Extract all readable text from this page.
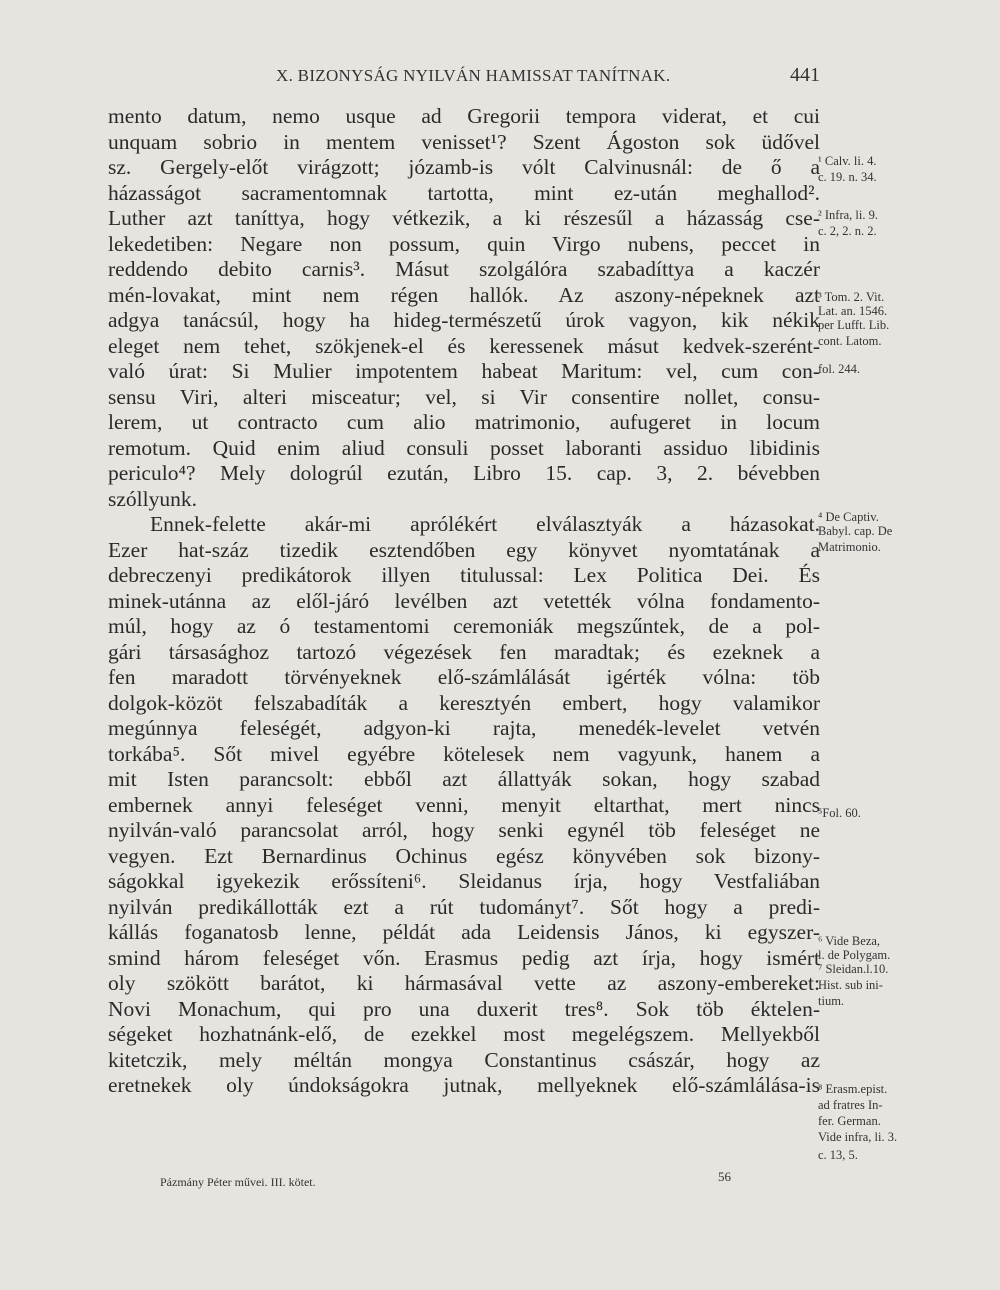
X. BIZONYSÁG NYILVÁN HAMISSAT TANÍTNAK.	441
mento datum, nemo usque ad Gregorii tempora viderat, et cui
unquam sobrio in mentem venisset¹? Szent Ágoston sok üdővel
sz. Gergely-előt virágzott; józamb-is vólt Calvinusnál: de ő a
házasságot sacramentomnak tartotta, mint ez-után meghallod².
Luther azt taníttya, hogy vétkezik, a ki részesűl a házasság cse-
lekedetiben: Negare non possum, quin Virgo nubens, peccet in
reddendo debito carnis³. Másut szolgálóra szabadíttya a kaczér
mén-lovakat, mint nem régen hallók. Az aszony-népeknek azt
adgya tanácsúl, hogy ha hideg-természetű úrok vagyon, kik nékik
eleget nem tehet, szökjenek-el és keressenek másut kedvek-szerént-
való úrat: Si Mulier impotentem habeat Maritum: vel, cum con-
sensu Viri, alteri misceatur; vel, si Vir consentire nollet, consu-
lerem, ut contracto cum alio matrimonio, aufugeret in locum
remotum. Quid enim aliud consuli posset laboranti assiduo libidinis
periculo⁴? Mely dologrúl ezután, Libro 15. cap. 3, 2. bévebben
szóllyunk.
Ennek-felette akár-mi aprólékért elválasztyák a házasokat.
Ezer hat-száz tizedik esztendőben egy könyvet nyomtatának a
debreczenyi predikátorok illyen titulussal: Lex Politica Dei. És
minek-utánna az elől-járó levélben azt vetették vólna fondamento-
múl, hogy az ó testamentomi ceremoniák megszűntek, de a pol-
gári társasághoz tartozó végezések fen maradtak; és ezeknek a
fen maradott törvényeknek elő-számlálását igérték vólna: töb
dolgok-közöt felszabadíták a keresztyén embert, hogy valamikor
megúnnya feleségét, adgyon-ki rajta, menedék-levelet vetvén
torkába⁵. Sőt mivel egyébre kötelesek nem vagyunk, hanem a
mit Isten parancsolt: ebből azt állattyák sokan, hogy szabad
embernek annyi feleséget venni, menyit eltarthat, mert nincs
nyilván-való parancsolat arról, hogy senki egynél töb feleséget ne
vegyen. Ezt Bernardinus Ochinus egész könyvében sok bizony-
ságokkal igyekezik erőssíteni⁶. Sleidanus írja, hogy Vestfaliában
nyilván predikállották ezt a rút tudományt⁷. Sőt hogy a predi-
kállás foganatosb lenne, példát ada Leidensis János, ki egyszer-
smind három feleséget vőn. Erasmus pedig azt írja, hogy ismért
oly szökött barátot, ki hármasával vette az aszony-embereket:
Novi Monachum, qui pro una duxerit tres⁸. Sok töb éktelen-
ségeket hozhatnánk-elő, de ezekkel most megelégszem. Mellyekből
kitetczik, mely méltán mongya Constantinus császár, hogy az
eretnekek oly úndokságokra jutnak, mellyeknek elő-számlálása-is
¹ Calv. li. 4.
c. 19. n. 34.
² Infra, li. 9.
c. 2, 2. n. 2.
³ Tom. 2. Vit.
Lat. an. 1546.
per Lufft. Lib.
cont. Latom.
fol. 244.
⁴ De Captiv.
Babyl. cap. De
Matrimonio.
⁵Fol. 60.
⁶ Vide Beza,
l. de Polygam.
⁷ Sleidan.l.10.
Hist. sub ini-
tium.
⁸ Erasm.epist.
ad fratres In-
fer. German.
Vide infra, li. 3.
c. 13, 5.
Pázmány Péter művei. III. kötet.	56
